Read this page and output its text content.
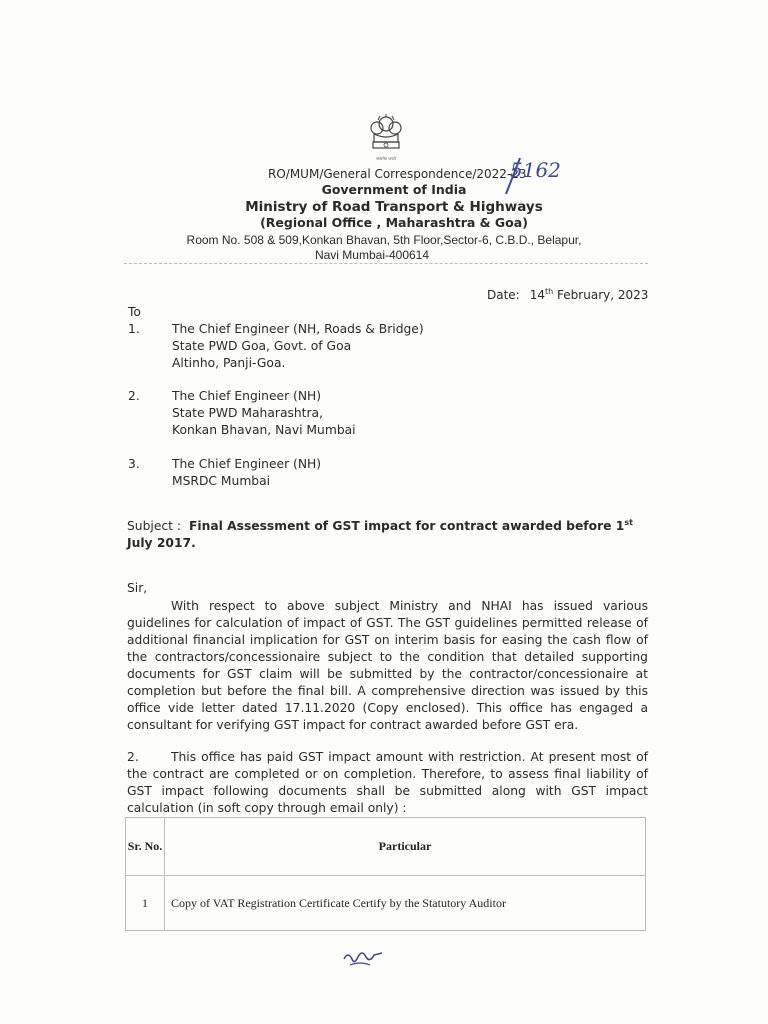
सत्यमेव जयते
RO/MUM/General Correspondence/2022-23
5162
Government of India
Ministry of Road Transport & Highways
(Regional Office , Maharashtra & Goa)
Room No. 508 & 509,Konkan Bhavan, 5th Floor,Sector-6, C.B.D., Belapur,
Navi Mumbai-400614
Date: 14th February, 2023
To
1.	The Chief Engineer (NH, Roads & Bridge)
State PWD Goa, Govt. of Goa
Altinho, Panji-Goa.
2.	The Chief Engineer (NH)
State PWD Maharashtra,
Konkan Bhavan, Navi Mumbai
3.	The Chief Engineer (NH)
MSRDC Mumbai
Subject : Final Assessment of GST impact for contract awarded before 1st July 2017.
Sir,
With respect to above subject Ministry and NHAI has issued various guidelines for calculation of impact of GST. The GST guidelines permitted release of additional financial implication for GST on interim basis for easing the cash flow of the contractors/concessionaire subject to the condition that detailed supporting documents for GST claim will be submitted by the contractor/concessionaire at completion but before the final bill. A comprehensive direction was issued by this office vide letter dated 17.11.2020 (Copy enclosed). This office has engaged a consultant for verifying GST impact for contract awarded before GST era.
2.	This office has paid GST impact amount with restriction. At present most of the contract are completed or on completion. Therefore, to assess final liability of GST impact following documents shall be submitted along with GST impact calculation (in soft copy through email only) :
Sr. No.	Particular
1	Copy of VAT Registration Certificate Certify by the Statutory Auditor
